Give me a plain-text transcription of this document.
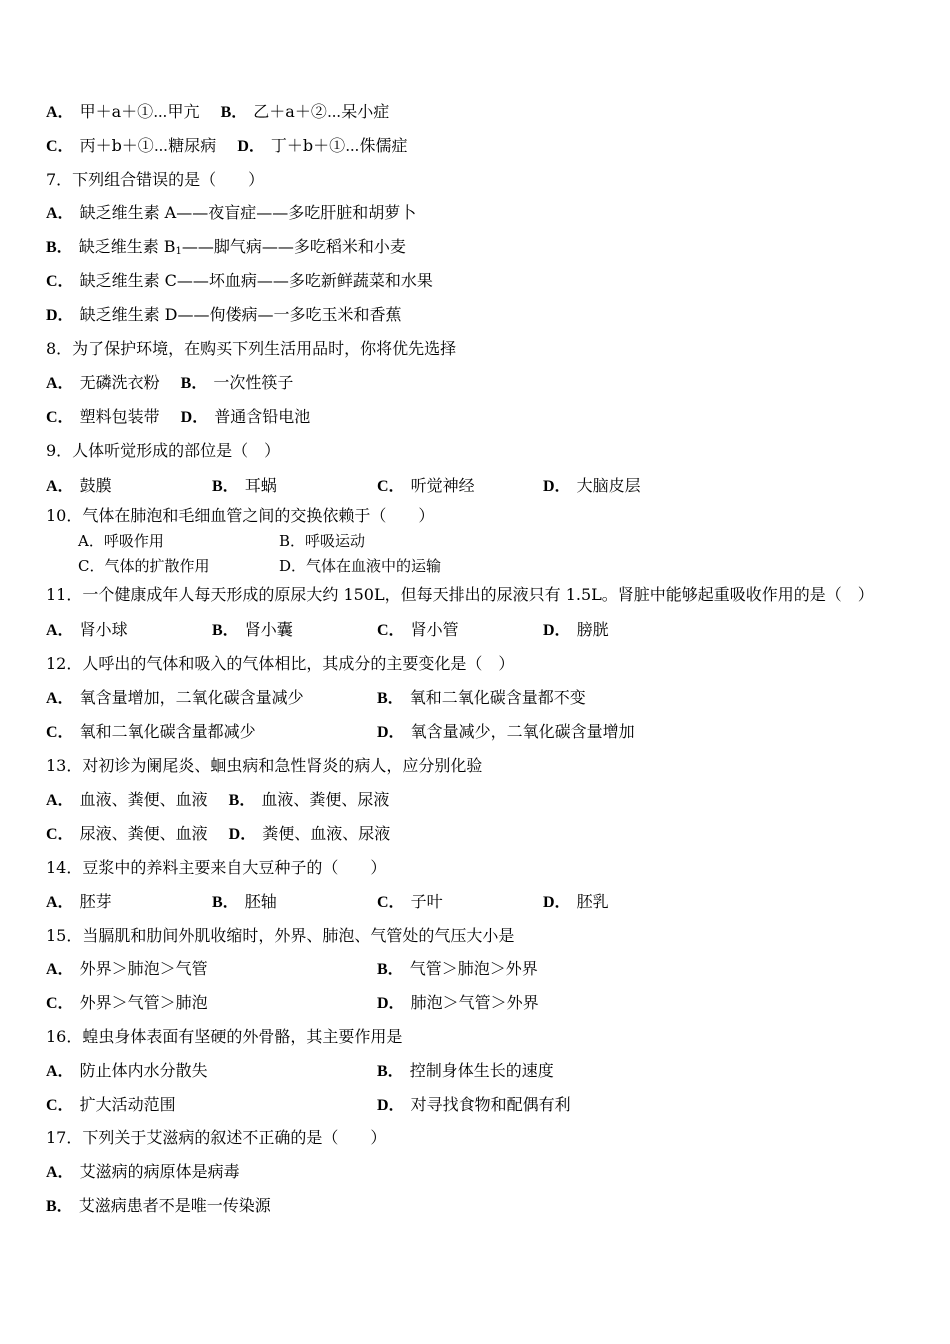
A． 甲＋a＋①⋯甲亢 B． 乙＋a＋②⋯呆小症
C． 丙＋b＋①⋯糖尿病 D． 丁＋b＋①⋯侏儒症
7．下列组合错误的是（　　）
A． 缺乏维生素 A——夜盲症——多吃肝脏和胡萝卜
B． 缺乏维生素 $B_1——$脚气病——多吃稻米和小麦
C． 缺乏维生素 C——坏血病——多吃新鲜蔬菜和水果
D． 缺乏维生素 D——佝偻病—一多吃玉米和香蕉
8．为了保护环境，在购买下列生活用品时，你将优先选择
A． 无磷洗衣粉 B． 一次性筷子
C． 塑料包装带 D． 普通含铅电池
9．人体听觉形成的部位是（　）
A． 鼓膜	B． 耳蜗	C． 听觉神经	D． 大脑皮层
10．气体在肺泡和毛细血管之间的交换依赖于（　　）
A．呼吸作用	B．呼吸运动
C．气体的扩散作用	D．气体在血液中的运输
11．一个健康成年人每天形成的原尿大约 150L，但每天排出的尿液只有 1.5L。肾脏中能够起重吸收作用的是（　）
A． 肾小球	B． 肾小囊	C． 肾小管	D． 膀胱
12．人呼出的气体和吸入的气体相比，其成分的主要变化是（　）
A． 氧含量增加，二氧化碳含量减少	B． 氧和二氧化碳含量都不变
C． 氧和二氧化碳含量都减少	D． 氧含量减少，二氧化碳含量增加
13．对初诊为阑尾炎、蛔虫病和急性肾炎的病人，应分别化验
A． 血液、粪便、血液 B． 血液、粪便、尿液
C． 尿液、粪便、血液 D． 粪便、血液、尿液
14．豆浆中的养料主要来自大豆种子的（　　）
A． 胚芽	B． 胚轴	C． 子叶	D． 胚乳
15．当膈肌和肋间外肌收缩时，外界、肺泡、气管处的气压大小是
A． 外界＞肺泡＞气管	B． 气管＞肺泡＞外界
C． 外界＞气管＞肺泡	D． 肺泡＞气管＞外界
16．蝗虫身体表面有坚硬的外骨骼，其主要作用是
A． 防止体内水分散失	B． 控制身体生长的速度
C． 扩大活动范围	D． 对寻找食物和配偶有利
17．下列关于艾滋病的叙述不正确的是（　　）
A． 艾滋病的病原体是病毒
B． 艾滋病患者不是唯一传染源
